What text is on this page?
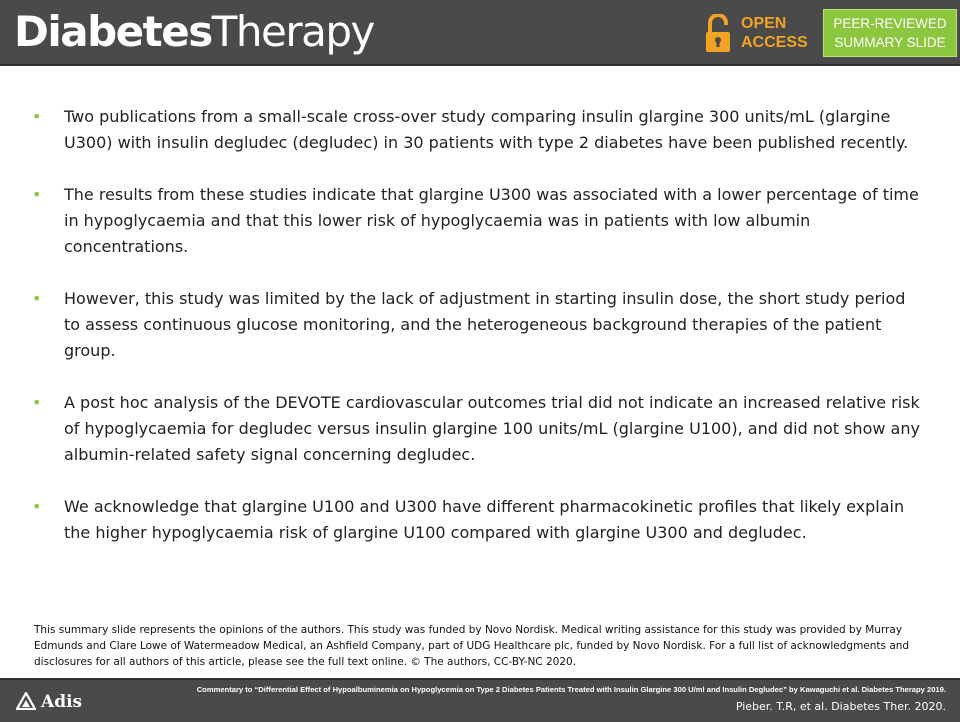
DiabetesTherapy	OPEN
ACCESS
PEER-REVIEWED
SUMMARY SLIDE
• Two publications from a small-scale cross-over study comparing insulin glargine 300 units/mL (glargine U300) with insulin degludec (degludec) in 30 patients with type 2 diabetes have been published recently.
• The results from these studies indicate that glargine U300 was associated with a lower percentage of time in hypoglycaemia and that this lower risk of hypoglycaemia was in patients with low albumin concentrations.
• However, this study was limited by the lack of adjustment in starting insulin dose, the short study period to assess continuous glucose monitoring, and the heterogeneous background therapies of the patient group.
• A post hoc analysis of the DEVOTE cardiovascular outcomes trial did not indicate an increased relative risk of hypoglycaemia for degludec versus insulin glargine 100 units/mL (glargine U100), and did not show any albumin-related safety signal concerning degludec.
• We acknowledge that glargine U100 and U300 have different pharmacokinetic profiles that likely explain the higher hypoglycaemia risk of glargine U100 compared with glargine U300 and degludec.
This summary slide represents the opinions of the authors. This study was funded by Novo Nordisk. Medical writing assistance for this study was provided by Murray Edmunds and Clare Lowe of Watermeadow Medical, an Ashfield Company, part of UDG Healthcare plc, funded by Novo Nordisk. For a full list of acknowledgments and disclosures for all authors of this article, please see the full text online. © The authors, CC-BY-NC 2020.
Adis
Commentary to “Differential Effect of Hypoalbuminemia on Hypoglycemia on Type 2 Diabetes Patients Treated with Insulin Glargine 300 U/ml and Insulin Degludec” by Kawaguchi et al. Diabetes Therapy 2019.
Pieber. T.R, et al. Diabetes Ther. 2020.
